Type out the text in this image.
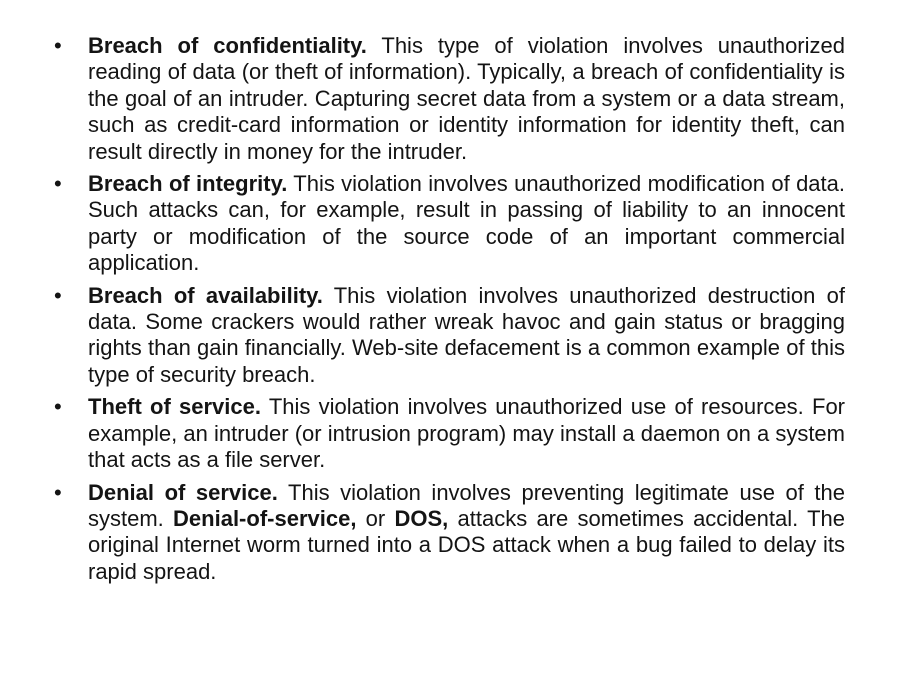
• Breach of confidentiality. This type of violation involves unauthorized reading of data (or theft of information). Typically, a breach of confidentiality is the goal of an intruder. Capturing secret data from a system or a data stream, such as credit-card information or identity information for identity theft, can result directly in money for the intruder.
• Breach of integrity. This violation involves unauthorized modification of data. Such attacks can, for example, result in passing of liability to an innocent party or modification of the source code of an important commercial application.
• Breach of availability. This violation involves unauthorized destruction of data. Some crackers would rather wreak havoc and gain status or bragging rights than gain financially. Web-site defacement is a common example of this type of security breach.
• Theft of service. This violation involves unauthorized use of resources. For example, an intruder (or intrusion program) may install a daemon on a system that acts as a file server.
• Denial of service. This violation involves preventing legitimate use of the system. Denial-of-service, or DOS, attacks are sometimes accidental. The original Internet worm turned into a DOS attack when a bug failed to delay its rapid spread.
